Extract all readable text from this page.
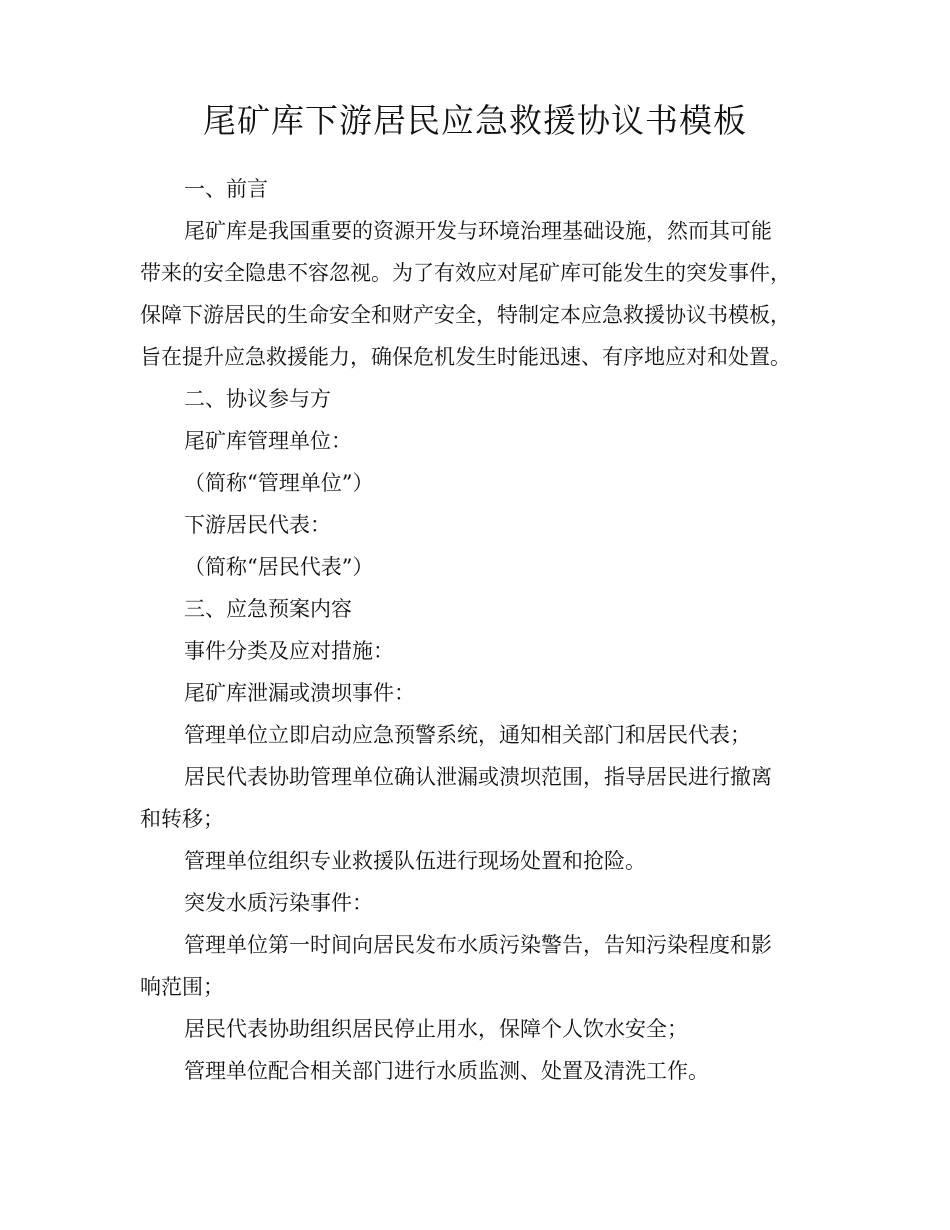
尾矿库下游居民应急救援协议书模板

一、前言

尾矿库是我国重要的资源开发与环境治理基础设施，然而其可能
带来的安全隐患不容忽视。为了有效应对尾矿库可能发生的突发事件，
保障下游居民的生命安全和财产安全，特制定本应急救援协议书模板，
旨在提升应急救援能力，确保危机发生时能迅速、有序地应对和处置。

二、协议参与方

尾矿库管理单位：

（简称“管理单位”）

下游居民代表：

（简称“居民代表”）

三、应急预案内容

事件分类及应对措施：

尾矿库泄漏或溃坝事件：

管理单位立即启动应急预警系统，通知相关部门和居民代表；

居民代表协助管理单位确认泄漏或溃坝范围，指导居民进行撤离
和转移；

管理单位组织专业救援队伍进行现场处置和抢险。

突发水质污染事件：

管理单位第一时间向居民发布水质污染警告，告知污染程度和影
响范围；

居民代表协助组织居民停止用水，保障个人饮水安全；

管理单位配合相关部门进行水质监测、处置及清洗工作。
